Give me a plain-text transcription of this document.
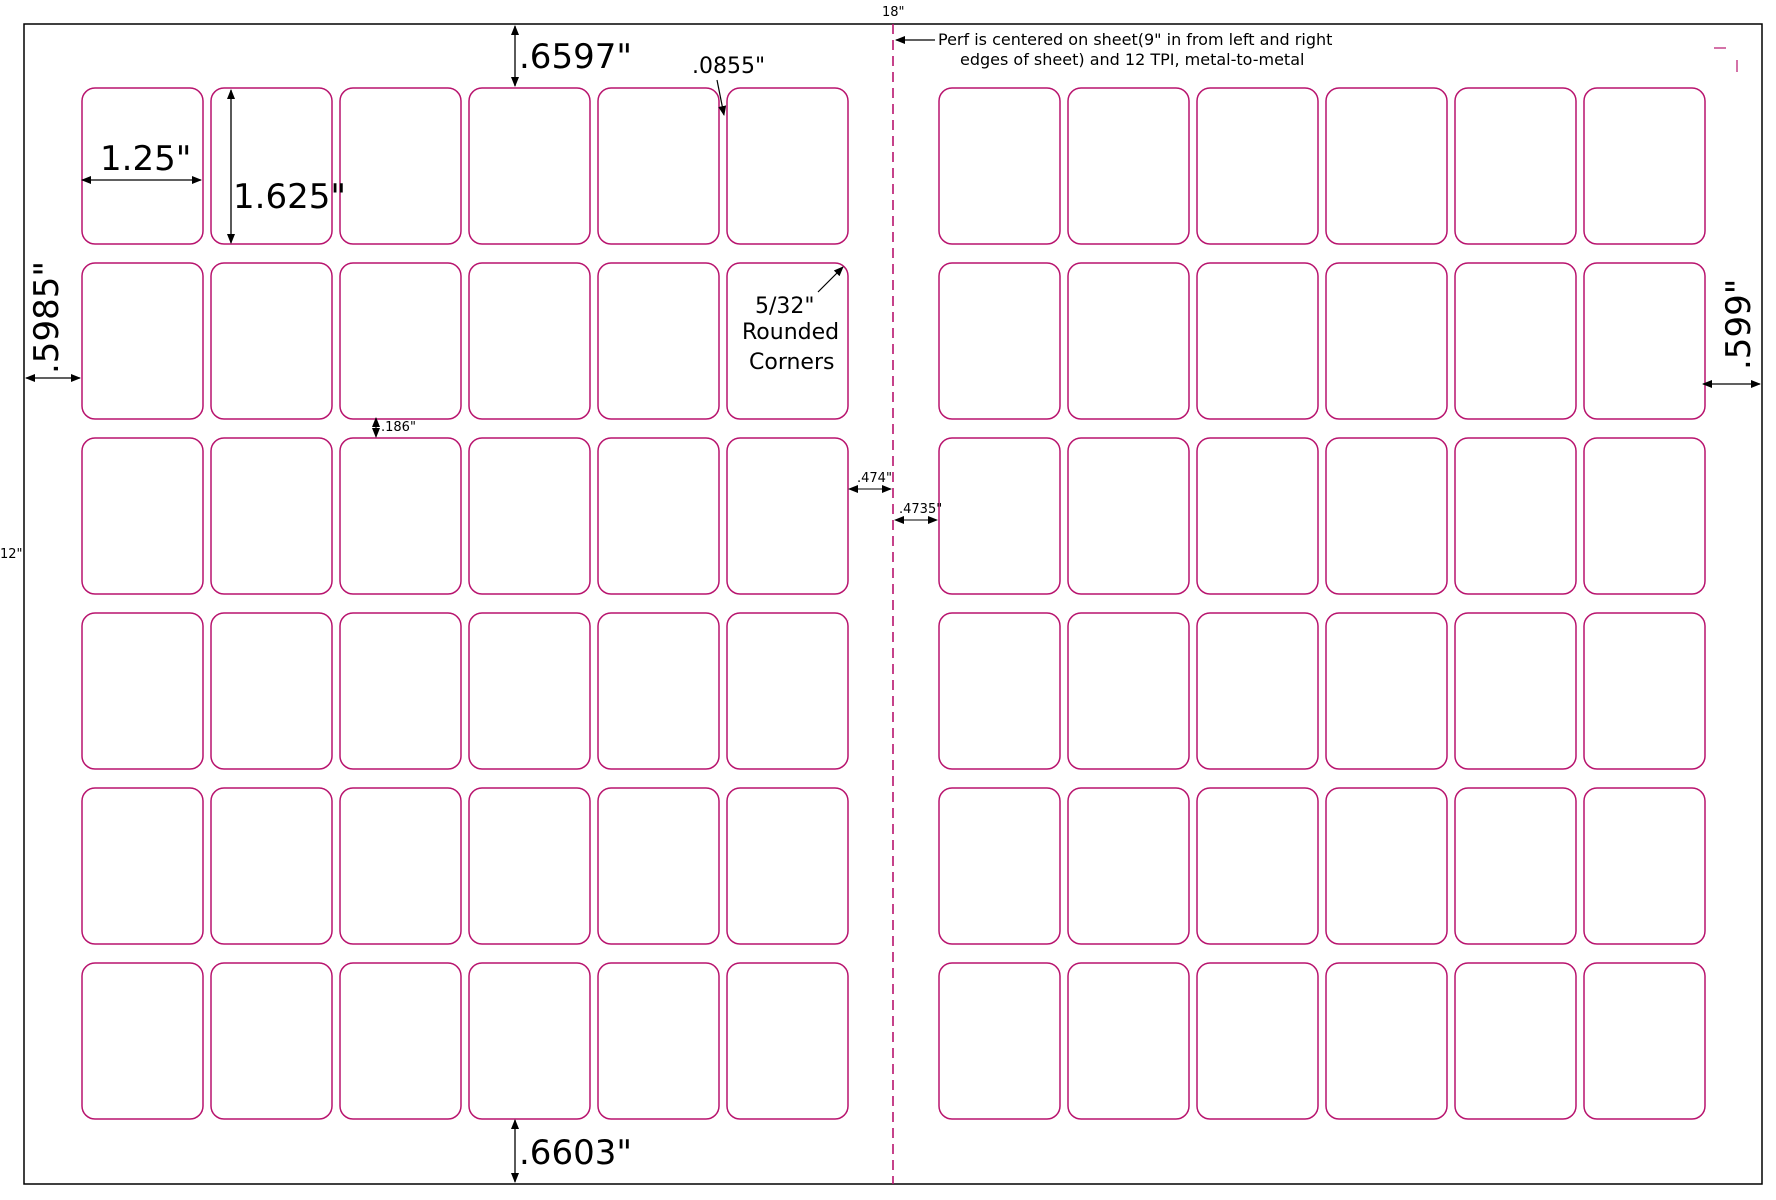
18"
12"
Perf is centered on sheet(9" in from left and right
edges of sheet) and 12 TPI, metal-to-metal
.6597"
.6603"
1.25"
1.625"
.0855"
.186"
.474"
.4735"
.5985"	.599"
5/32"
Rounded
Corners
